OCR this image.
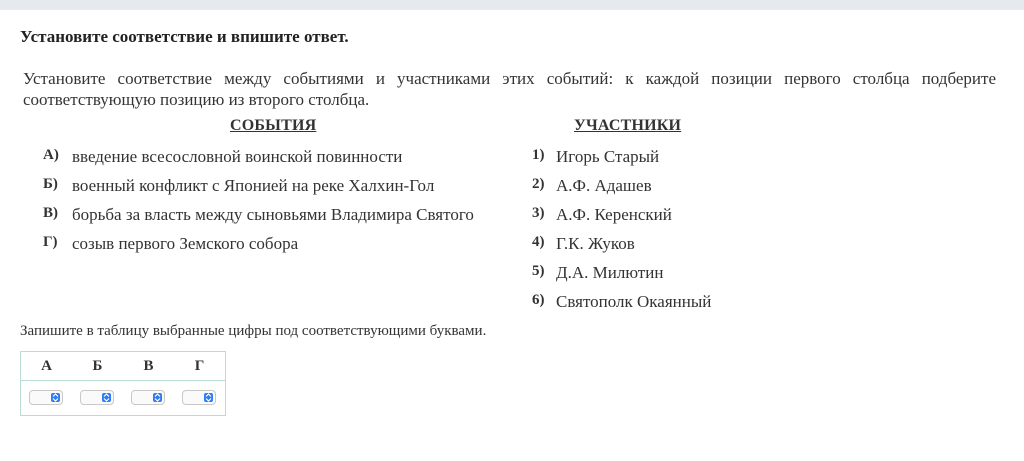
Установите соответствие и впишите ответ.
Установите соответствие между событиями и участниками этих событий: к каждой позиции первого столбца подберите соответствующую позицию из второго столбца.
СОБЫТИЯ	УЧАСТНИКИ
А) введение всесословной воинской повинности
Б) военный конфликт с Японией на реке Халхин-Гол
В) борьба за власть между сыновьями Владимира Святого
Г) созыв первого Земского собора
1) Игорь Старый
2) А.Ф. Адашев
3) А.Ф. Керенский
4) Г.К. Жуков
5) Д.А. Милютин
6) Святополк Окаянный
Запишите в таблицу выбранные цифры под соответствующими буквами.
А	Б	В	Г
